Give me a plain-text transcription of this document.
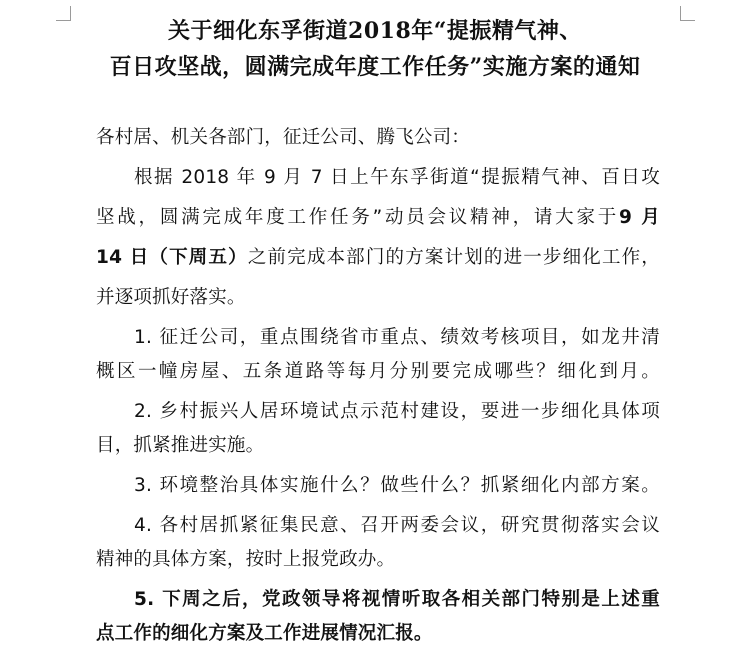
关于细化东孚街道2018年“提振精气神、
百日攻坚战，圆满完成年度工作任务”实施方案的通知
各村居、机关各部门，征迁公司、腾飞公司：
根据 2018 年 9 月 7 日上午东孚街道“提振精气神、百日攻
坚战，圆满完成年度工作任务”动员会议精神，请大家于9 月
14 日（下周五）之前完成本部门的方案计划的进一步细化工作，
并逐项抓好落实。
1. 征迁公司，重点围绕省市重点、绩效考核项目，如龙井清
概区一幢房屋、五条道路等每月分别要完成哪些？细化到月。
2. 乡村振兴人居环境试点示范村建设，要进一步细化具体项
目，抓紧推进实施。
3. 环境整治具体实施什么？做些什么？抓紧细化内部方案。
4. 各村居抓紧征集民意、召开两委会议，研究贯彻落实会议
精神的具体方案，按时上报党政办。
5. 下周之后，党政领导将视情听取各相关部门特别是上述重
点工作的细化方案及工作进展情况汇报。
